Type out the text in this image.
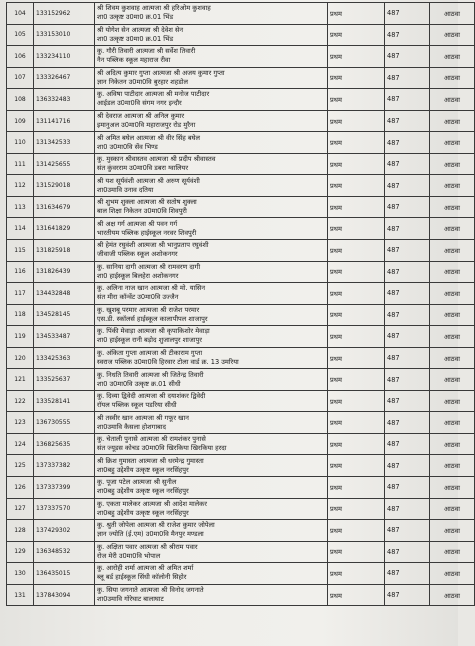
104	133152962	श्री शिवम कुशवाह आत्मजा श्री हरिओम कुशवाह
शा0 उत्कृष्ट उ0मा0 क्र.01 भिंड	प्रथम	487	आठवा
105	133153010	श्री योगेश सेन आत्मजा श्री देवेश सेन
शा0 उत्कृष्ट उ0मा0 क्र.01 भिंड	प्रथम	487	आठवा
106	133234110	कु. गौरी तिवारी आत्मजा श्री सर्वेश तिवारी
नैन पब्लिक स्कूल महाराज रीवा	प्रथम	487	आठवा
107	133326467	श्री अदित्य कुमार गुप्ता आत्मजा श्री अजय कुमार गुप्ता
ज्ञान निकेतन उ0मा0वि बुरहार शहडोल	प्रथम	487	आठवा
108	136332483	कु. अविषा पाटीदार आत्मजा श्री मनोज पाटीदार
आईडल उ0मा0वि संगम नगर इन्दौर	प्रथम	487	आठवा
109	131141716	श्री देवराज आत्मजा श्री अनिल कुमार
इमानुअल उ0मा0वि महाराजपुर रोड मुरैना	प्रथम	487	आठवा
110	131342533	श्री अमित बघेल आत्मजा श्री वीर सिंह बघेल
शा0 उ0मा0वि सेंव भिण्ड	प्रथम	487	आठवा
111	131425655	कु. मुस्कान श्रीवास्तव आत्मजा श्री प्रदीप श्रीवास्तव
संत कुंवरराम उ0मा0वि डबरा ग्वालियर	प्रथम	487	आठवा
112	131529018	श्री यश सूर्यवंशी आत्मजा श्री अरुण सूर्यवंशी
शा0उमावि उनाव दतिया	प्रथम	487	आठवा
113	131634679	श्री शुभम शुक्ला आत्मजा श्री सतोष शुक्ला
बाल शिक्षा निकेतन उ0मा0वि शिवपुरी	प्रथम	487	आठवा
114	131641829	श्री अक्ष गर्ग आत्मजा श्री पवन गर्ग
भारतीयम पब्लिक हाईस्कूल नरवर शिवपुरी	प्रथम	487	आठवा
115	131825918	श्री हेमंत रघुवंशी आत्मजा श्री भानुप्रताप रघुवंशी
जीवाजी पब्लिक स्कूल अशोकनगर	प्रथम	487	आठवा
116	131826439	कु. सानिया दागी आत्मजा श्री रामवरण दागी
शा0 हाईस्कूल बिलहेरा अशोकनगर	प्रथम	487	आठवा
117	134432848	कु. अलिना नाज खान आत्मजा श्री मो. यासिन
संत मीरा कॉन्वेंट उ0मा0वि उज्जैन	प्रथम	487	आठवा
118	134528145	कु. खुशबू परमार आत्मजा श्री राजेश परमार
एस.डी. स्कॉलर्स हाईस्कूल कालापीपल शाजापुर	प्रथम	487	आठवा
119	134533487	कु. पिंकी मेवाड़ा आत्मजा श्री कृपाकिशोर मेवाड़ा
शा0 हाईस्कूल रानी बड़ोद शुजालपुर शाजापुर	प्रथम	487	आठवा
120	133425363	कु. अंकिता गुप्ता आत्मजा श्री टीकाराम गुप्ता
स्वराज पब्लिक उ0मा0वि हिरवार टोला वार्ड क्र. 13 उमरिया	प्रथम	487	आठवा
121	133525637	कु. निधति तिवारी आत्मजा श्री जितेन्द्र तिवारी
शा0 उ0मा0वि उत्कृष्ट क्र.01 सीधी	प्रथम	487	आठवा
122	133528141	कु. दिव्या द्विवेदी आत्मजा श्री दयाशंकर द्विवेदी
रॉयल पब्लिक स्कूल पडरिया सीधी	प्रथम	487	आठवा
123	136730555	श्री तस्वीर खान आत्मजा श्री गफूर खान
शा0उमावि कैसला होशगाबाद	प्रथम	487	आठवा
124	136825635	कु. चेताली पुनासे आत्मजा श्री रामशंकर पुनासे
संत ज्यूडस कोचड उ0मा0वि खिरकिया खिरकिया हरदा	प्रथम	487	आठवा
125	137337382	श्री क्रिश गुमास्ता आत्मजा श्री धरमेन्द्र गुमास्ता
शा0बहु उद्देशीय उत्कृष्ट स्कूल नरसिंहपुर	प्रथम	487	आठवा
126	137337399	कु. पूजा पटेल आत्मजा श्री सुनील
शा0बहु उद्देशीय उत्कृष्ट स्कूल नरसिंहपुर	प्रथम	487	आठवा
127	137337570	कु. एकता मालेकर आत्मजा श्री आदेश मालेकर
शा0बहु उद्देशीय उत्कृष्ट स्कूल नरसिंहपुर	प्रथम	487	आठवा
128	137429302	कु. श्रुती जोपेला आत्मजा श्री राजेश कुमार जोपेला
ज्ञान ज्योति (ई.एम) उ0मा0वि मैनपुर मण्डला	प्रथम	487	आठवा
129	136348532	कु. अक्षिता पवार आत्मजा श्री श्रीराम पवार
रोज मेरी उ0मा0वि भोपाल	प्रथम	487	आठवा
130	136435015	कु. आरोही शर्मा आत्मजा श्री अमित शर्मा
ब्लू बर्ड हाईस्कूल सिंधी कॉलोनी सिहोर	प्रथम	487	आठवा
131	137843094	कु. सिया जगनाते आत्मजा श्री विनोद जगनाते
शा0उमावि गोरेघाट बालाघाट	प्रथम	487	आठवा
